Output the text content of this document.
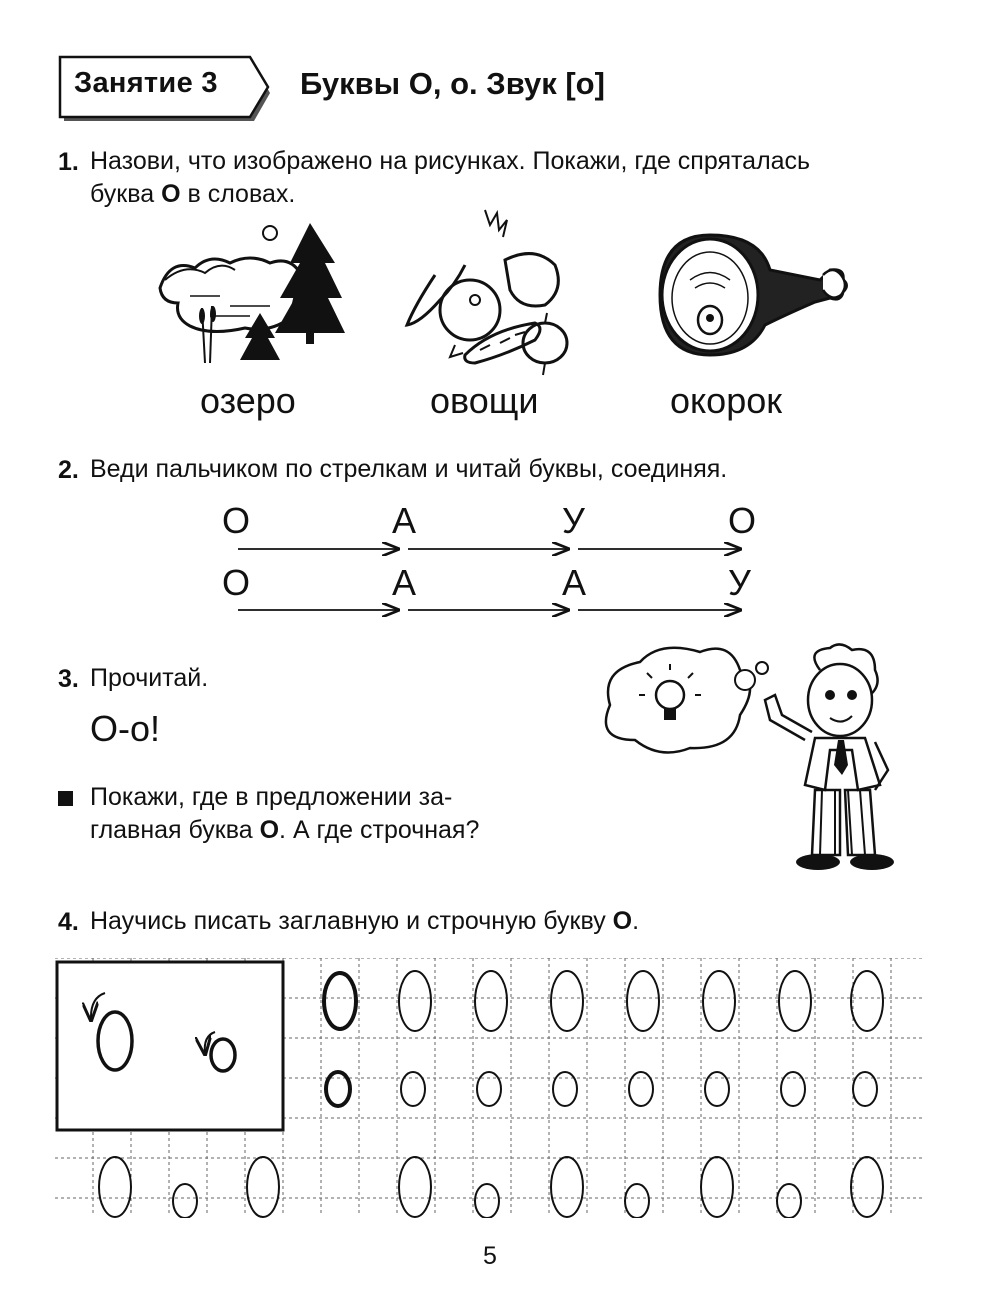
Занятие 3	Буквы О, о. Звук [о]
1. Назови, что изображено на рисунках. Покажи, где спряталась
буква О в словах.
озеро	овощи	окорок
2. Веди пальчиком по стрелкам и читай буквы, соединяя.
О	А	У	О
О	А	А	У
3. Прочитай.
О-о!
Покажи, где в предложении за-
главная буква О. А где строчная?
4. Научись писать заглавную и строчную букву О.
5
